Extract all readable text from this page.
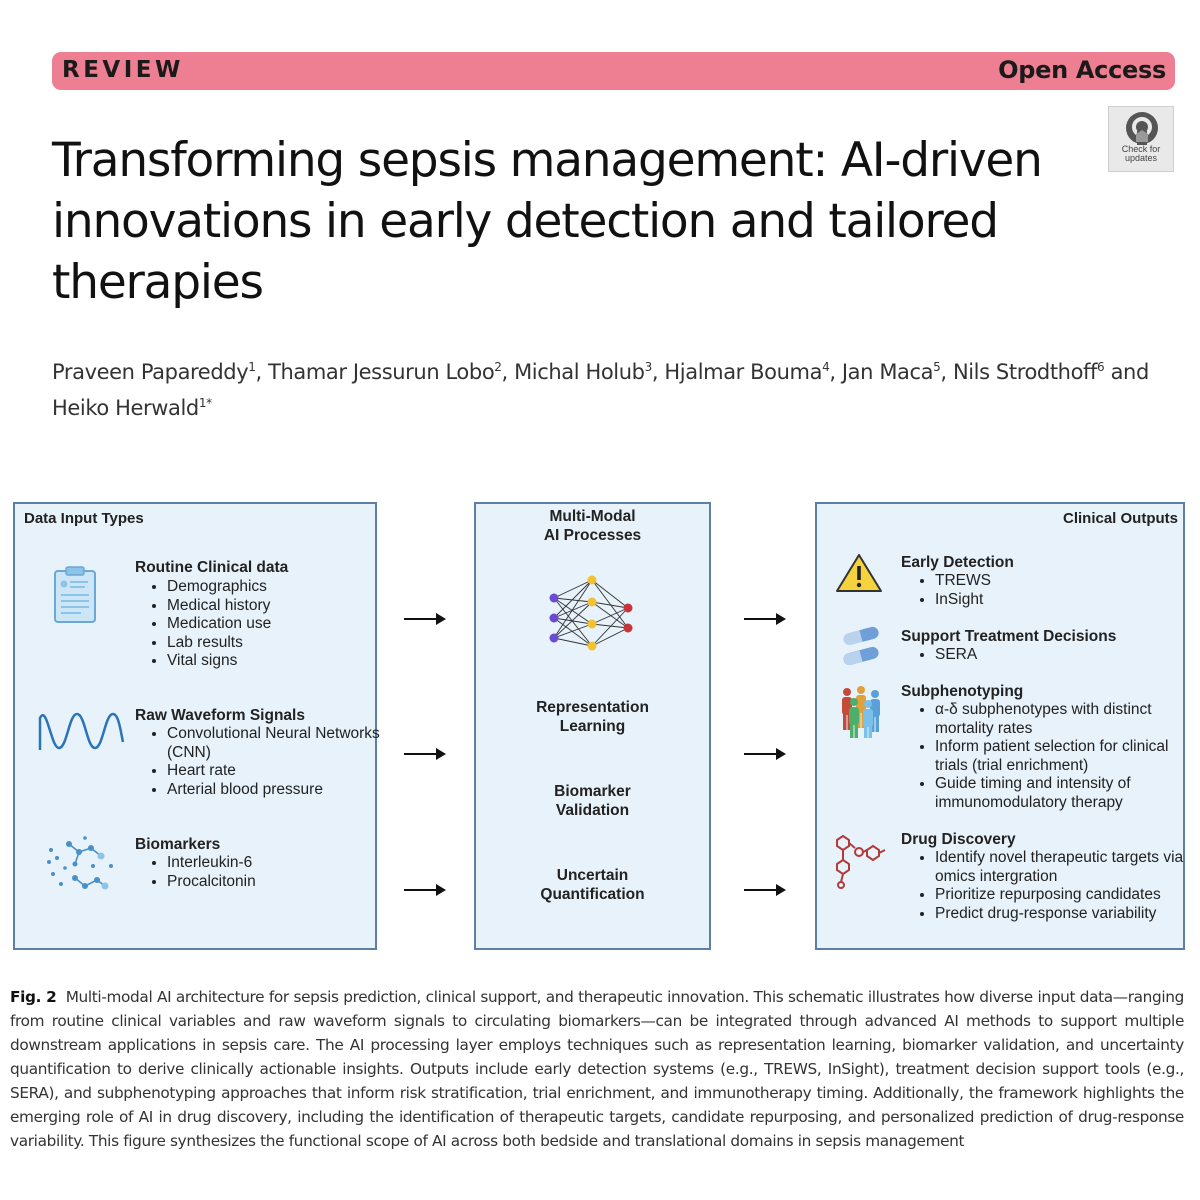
REVIEW	Open Access
Check for
updates
Transforming sepsis management: AI-driven innovations in early detection and tailored therapies
Praveen Papareddy$^1$, Thamar Jessurun Lobo$^2$, Michal Holub$^3$, Hjalmar Bouma$^4$, Jan Maca$^5$, Nils Strodthoff$^6$ and
Heiko Herwald$^{1*}$
Data Input Types
Routine Clinical data
• Demographics
• Medical history
• Medication use
• Lab results
• Vital signs
Raw Waveform Signals
• Convolutional Neural Networks (CNN)
• Heart rate
• Arterial blood pressure
Biomarkers
• Interleukin-6
• Procalcitonin
Multi-Modal
AI Processes
Representation
Learning
Biomarker
Validation
Uncertain
Quantification
Clinical Outputs
Early Detection
• TREWS
• InSight
Support Treatment Decisions
• SERA
Subphenotyping
• α-δ subphenotypes with distinct mortality rates
• Inform patient selection for clinical trials (trial enrichment)
• Guide timing and intensity of immunomodulatory therapy
Drug Discovery
• Identify novel therapeutic targets via omics intergration
• Prioritize repurposing candidates
• Predict drug-response variability
Fig. 2 Multi-modal AI architecture for sepsis prediction, clinical support, and therapeutic innovation. This schematic illustrates how diverse input data—ranging from routine clinical variables and raw waveform signals to circulating biomarkers—can be integrated through advanced AI methods to support multiple downstream applications in sepsis care. The AI processing layer employs techniques such as representation learning, biomarker validation, and uncertainty quantification to derive clinically actionable insights. Outputs include early detection systems (e.g., TREWS, InSight), treatment decision support tools (e.g., SERA), and subphenotyping approaches that inform risk stratification, trial enrichment, and immunotherapy timing. Additionally, the framework highlights the emerging role of AI in drug discovery, including the identification of therapeutic targets, candidate repurposing, and personalized prediction of drug-response variability. This figure synthesizes the functional scope of AI across both bedside and translational domains in sepsis management
